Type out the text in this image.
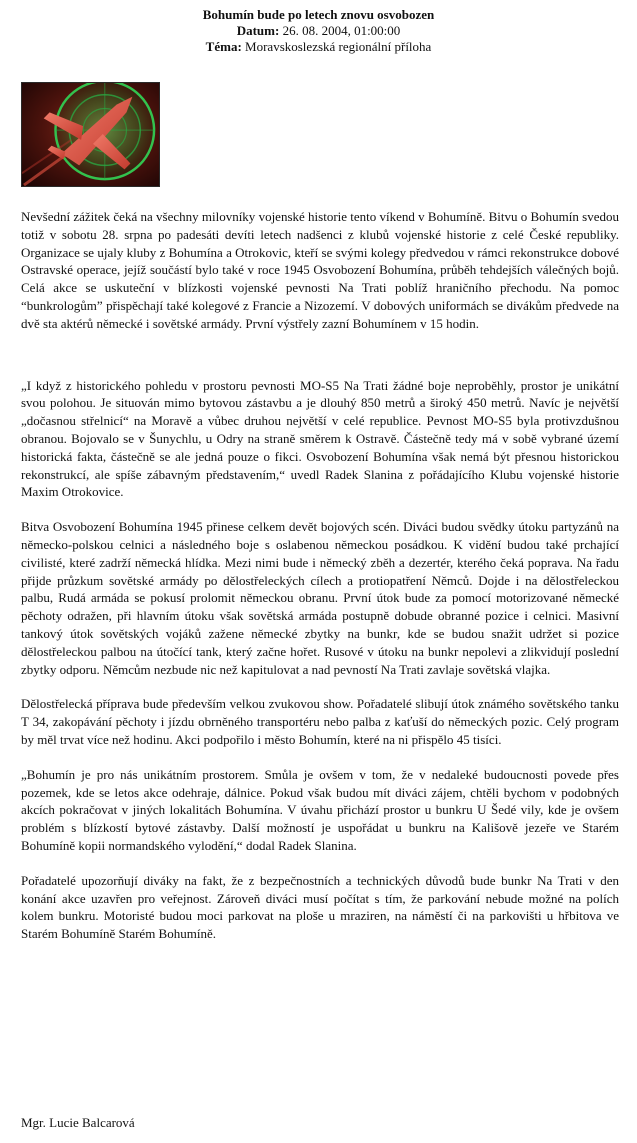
Bohumín bude po letech znovu osvobozen
Datum: 26. 08. 2004, 01:00:00
Téma: Moravskoslezská regionální příloha

Nevšední zážitek čeká na všechny milovníky vojenské historie tento víkend v Bohumíně. Bitvu o Bohumín svedou totiž v sobotu 28. srpna po padesáti devíti letech nadšenci z klubů vojenské historie z celé České republiky. Organizace se ujaly kluby z Bohumína a Otrokovic, kteří se svými kolegy předvedou v rámci rekonstrukce dobové Ostravské operace, jejíž součástí bylo také v roce 1945 Osvobození Bohumína, průběh tehdejších válečných bojů. Celá akce se uskuteční v blízkosti vojenské pevnosti Na Trati poblíž hraničního přechodu. Na pomoc “bunkrologům” přispěchají také kolegové z Francie a Nizozemí. V dobových uniformách se divákům předvede na dvě sta aktérů německé i sovětské armády. První výstřely zazní Bohumínem v 15 hodin.

„I když z historického pohledu v prostoru pevnosti MO-S5 Na Trati žádné boje neproběhly, prostor je unikátní svou polohou. Je situován mimo bytovou zástavbu a je dlouhý 850 metrů a široký 450 metrů. Navíc je největší „dočasnou střelnicí“ na Moravě a vůbec druhou největší v celé republice. Pevnost MO-S5 byla protivzdušnou obranou. Bojovalo se v Šunychlu, u Odry na straně směrem k Ostravě. Částečně tedy má v sobě vybrané území historická fakta, částečně se ale jedná pouze o fikci. Osvobození Bohumína však nemá být přesnou historickou rekonstrukcí, ale spíše zábavným představením,“ uvedl Radek Slanina z pořádajícího Klubu vojenské historie Maxim Otrokovice.

Bitva Osvobození Bohumína 1945 přinese celkem devět bojových scén. Diváci budou svědky útoku partyzánů na německo-polskou celnici a následného boje s oslabenou německou posádkou. K vidění budou také prchající civilisté, které zadrží německá hlídka. Mezi nimi bude i německý zběh a dezertér, kterého čeká poprava. Na řadu přijde průzkum sovětské armády po dělostřeleckých cílech a protiopatření Němců. Dojde i na dělostřeleckou palbu, Rudá armáda se pokusí prolomit německou obranu. První útok bude za pomocí motorizované německé pěchoty odražen, při hlavním útoku však sovětská armáda postupně dobude obranné pozice i celnici. Masivní tankový útok sovětských vojáků zažene německé zbytky na bunkr, kde se budou snažit udržet si pozice dělostřeleckou palbou na útočící tank, který začne hořet. Rusové v útoku na bunkr nepolevi a zlikvidují poslední zbytky odporu. Němcům nezbude nic než kapitulovat a nad pevností Na Trati zavlaje sovětská vlajka.

Dělostřelecká příprava bude především velkou zvukovou show. Pořadatelé slibují útok známého sovětského tanku T 34, zakopávání pěchoty i jízdu obrněného transportéru nebo palba z kaťuší do německých pozic. Celý program by měl trvat více než hodinu. Akci podpořilo i město Bohumín, které na ni přispělo 45 tisíci.

„Bohumín je pro nás unikátním prostorem. Smůla je ovšem v tom, že v nedaleké budoucnosti povede přes pozemek, kde se letos akce odehraje, dálnice. Pokud však budou mít diváci zájem, chtěli bychom v podobných akcích pokračovat v jiných lokalitách Bohumína. V úvahu přichází prostor u bunkru U Šedé vily, kde je ovšem problém s blízkostí bytové zástavby. Další možností je uspořádat u bunkru na Kališově jezeře ve Starém Bohumíně kopii normandského vylodění,“ dodal Radek Slanina.

Pořadatelé upozorňují diváky na fakt, že z bezpečnostních a technických důvodů bude bunkr Na Trati v den konání akce uzavřen pro veřejnost. Zároveň diváci musí počítat s tím, že parkování nebude možné na polích kolem bunkru. Motoristé budou moci parkovat na ploše u mraziren, na náměstí či na parkovišti u hřbitova ve Starém Bohumíně Starém Bohumíně.

Mgr. Lucie Balcarová
